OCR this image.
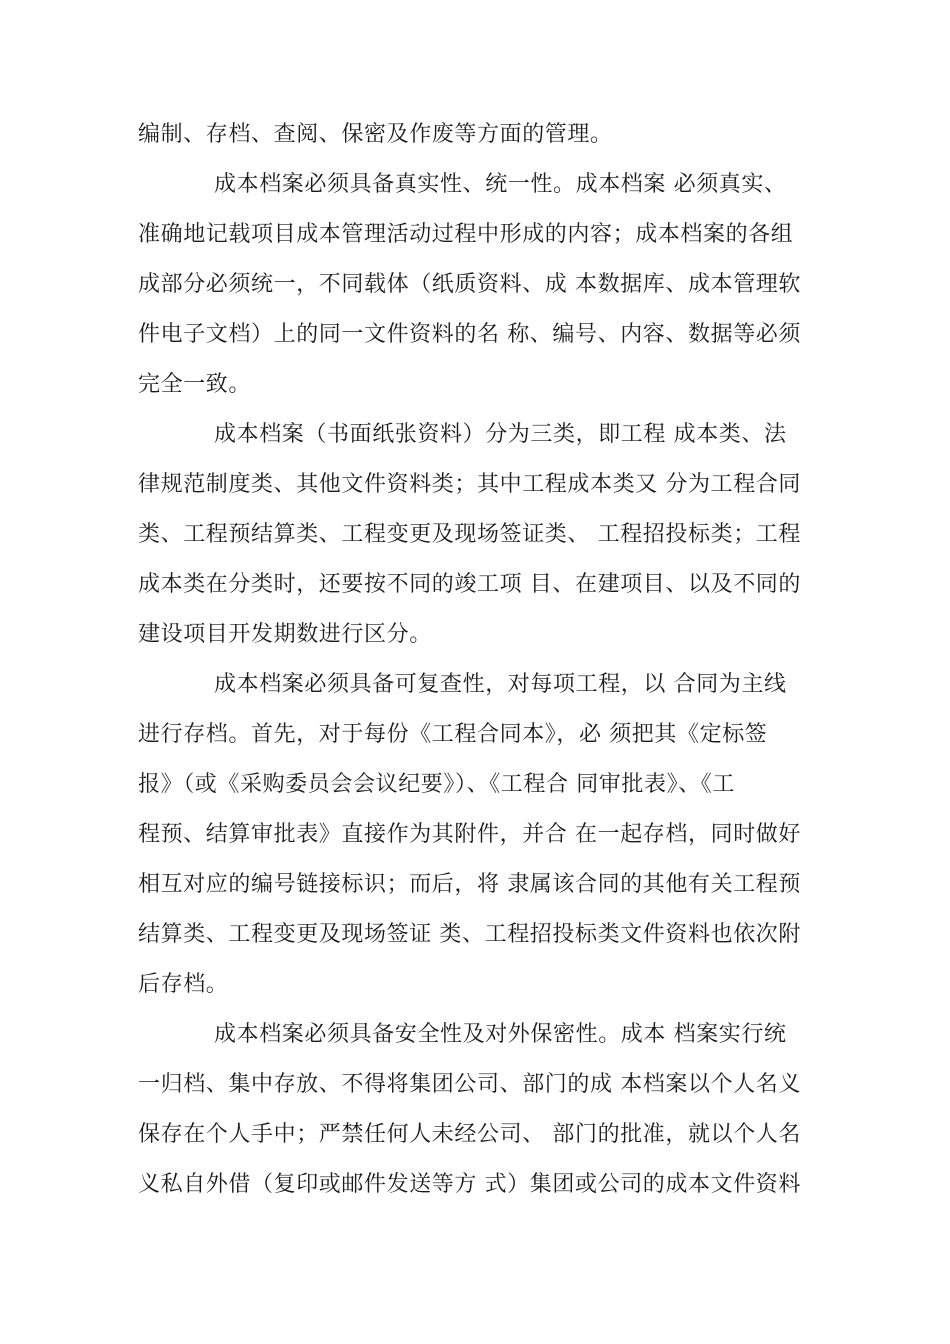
编制、存档、查阅、保密及作废等方面的管理。
成本档案必须具备真实性、统一性。成本档案 必须真实、
准确地记载项目成本管理活动过程中形成的内容；成本档案的各组
成部分必须统一，不同载体（纸质资料、成 本数据库、成本管理软
件电子文档）上的同一文件资料的名 称、编号、内容、数据等必须
完全一致。
成本档案（书面纸张资料）分为三类，即工程 成本类、法
律规范制度类、其他文件资料类；其中工程成本类又 分为工程合同
类、工程预结算类、工程变更及现场签证类、 工程招投标类；工程
成本类在分类时，还要按不同的竣工项 目、在建项目、以及不同的
建设项目开发期数进行区分。
成本档案必须具备可复查性，对每项工程，以 合同为主线
进行存档。首先，对于每份《工程合同本》，必 须把其《定标签
报》（或《采购委员会会议纪要》）、《工程合 同审批表》、《工
程预、结算审批表》直接作为其附件，并合 在一起存档，同时做好
相互对应的编号链接标识；而后，将 隶属该合同的其他有关工程预
结算类、工程变更及现场签证 类、工程招投标类文件资料也依次附
后存档。
成本档案必须具备安全性及对外保密性。成本 档案实行统
一归档、集中存放、不得将集团公司、部门的成 本档案以个人名义
保存在个人手中；严禁任何人未经公司、 部门的批准，就以个人名
义私自外借（复印或邮件发送等方 式）集团或公司的成本文件资料
